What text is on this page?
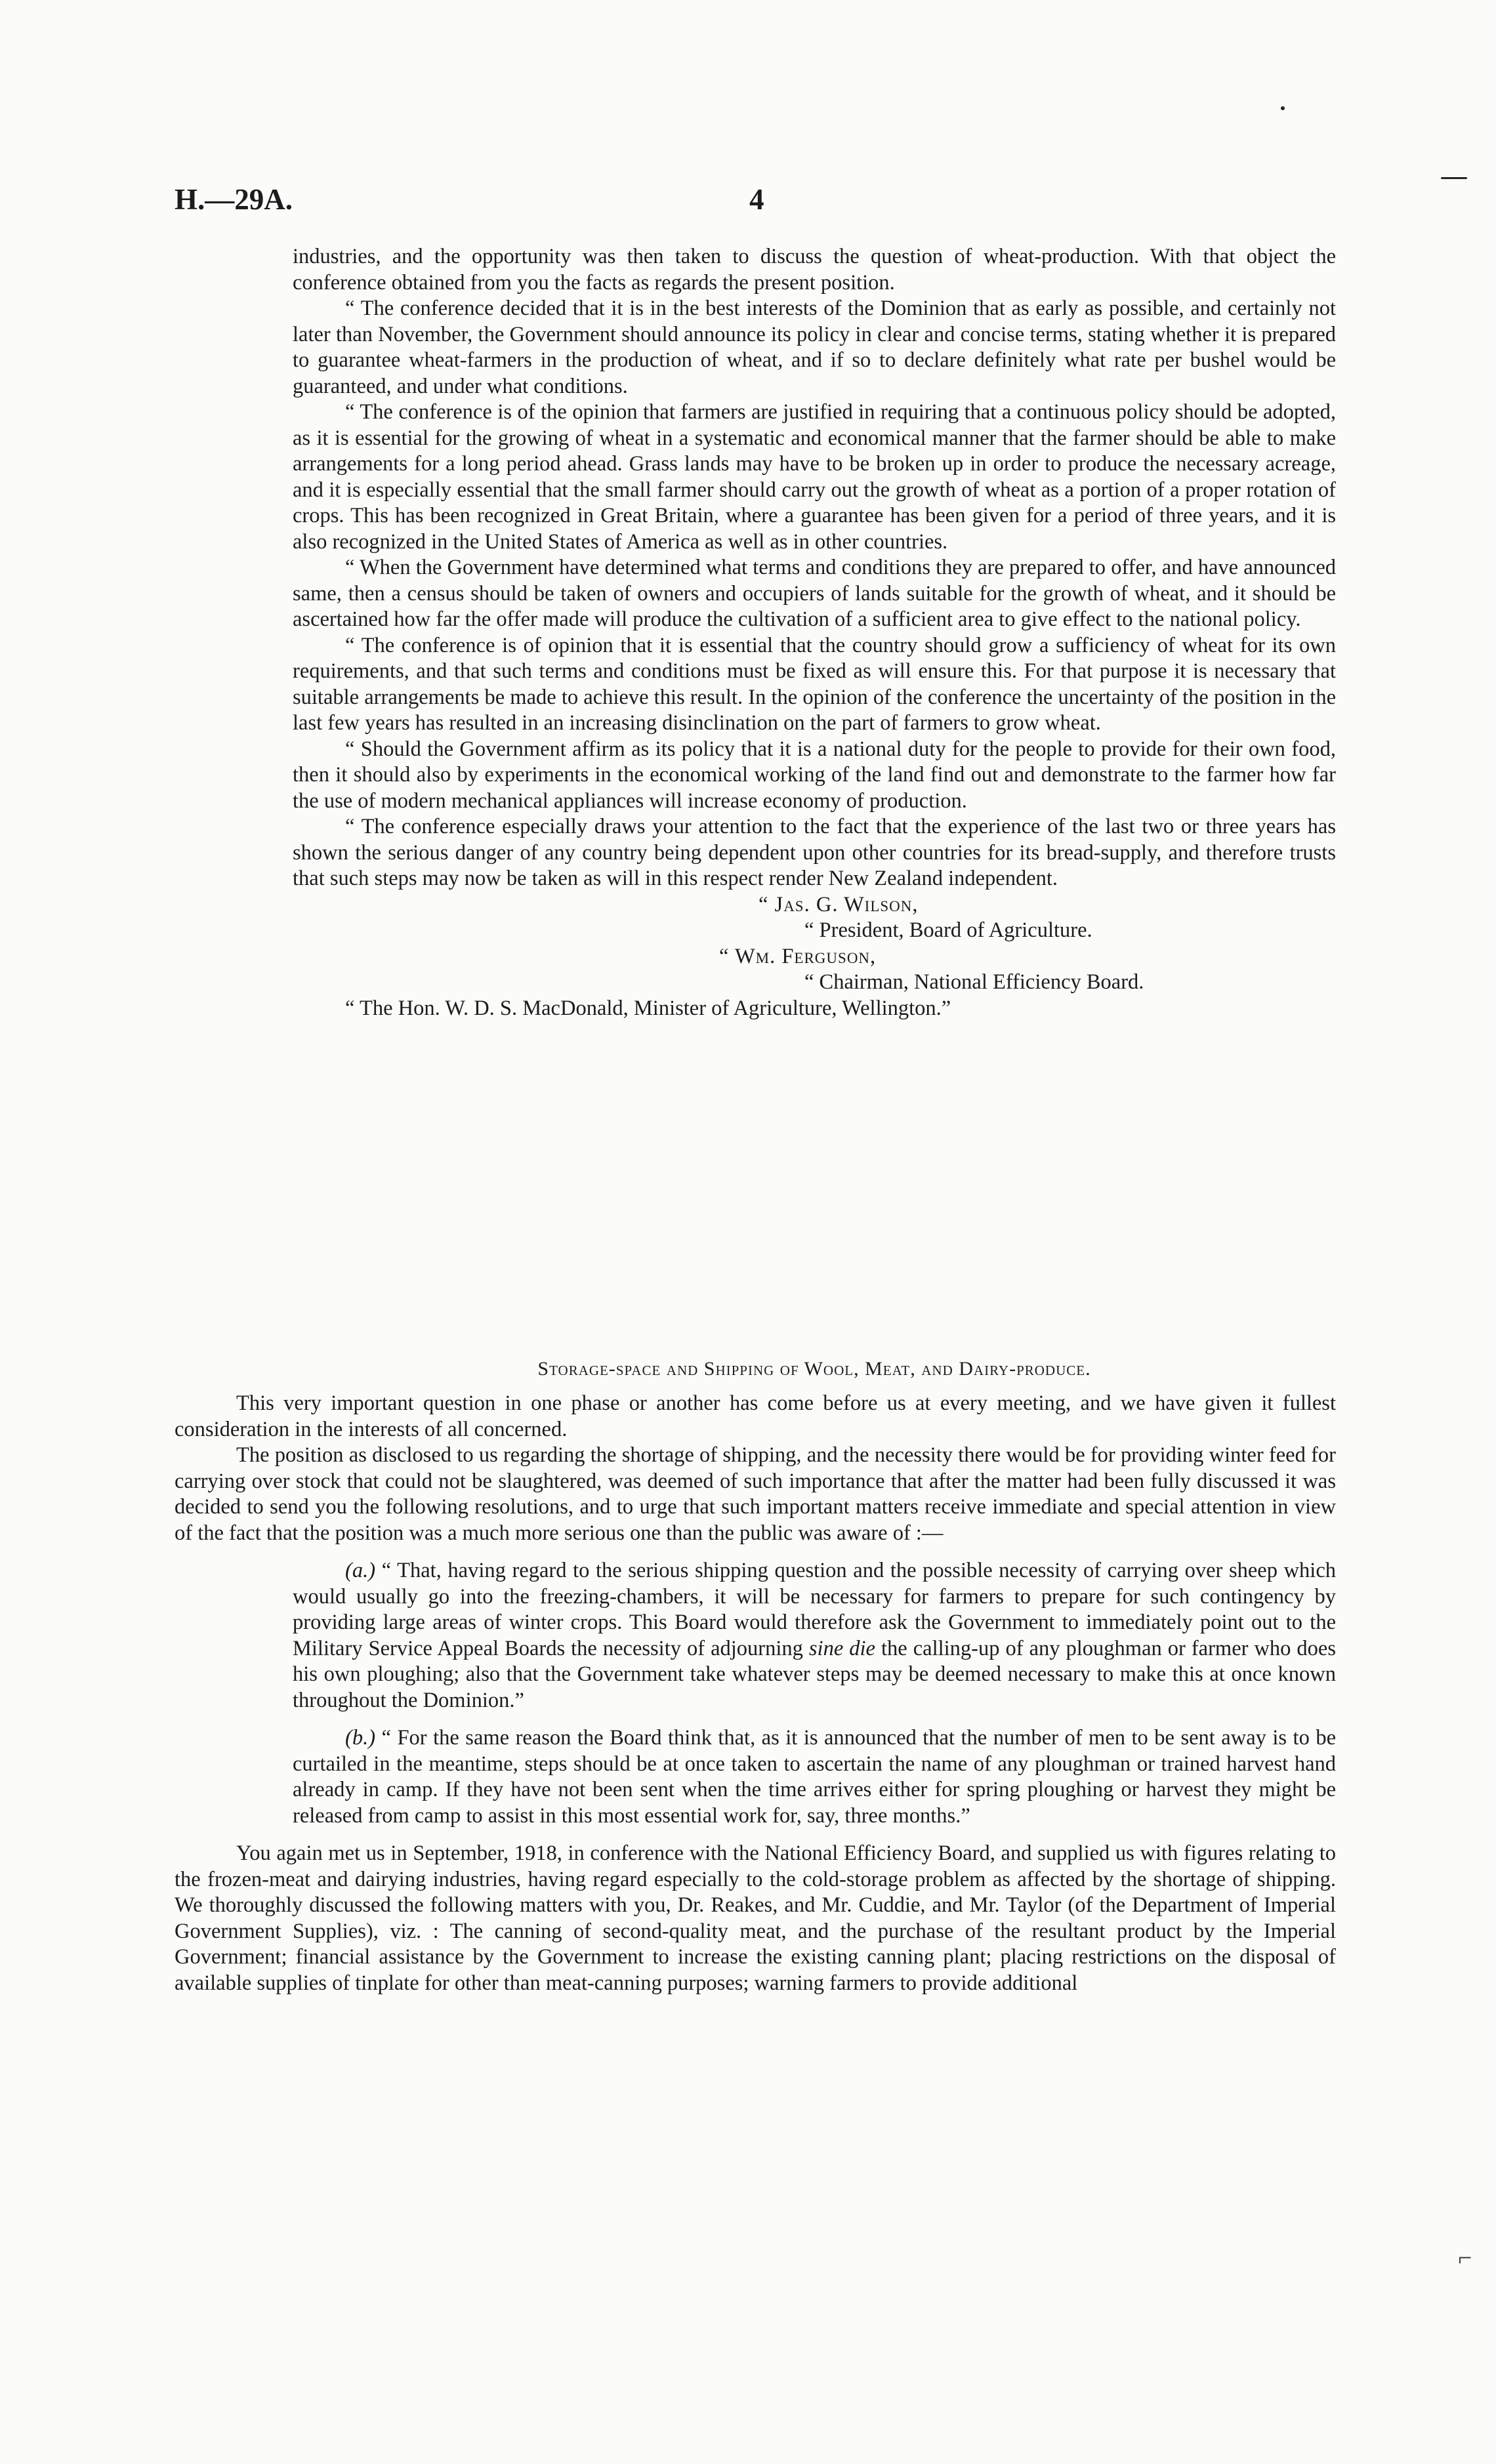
H.—29A.	4

industries, and the opportunity was then taken to discuss the question of wheat-production. With that object the conference obtained from you the facts as regards the present position.

“ The conference decided that it is in the best interests of the Dominion that as early as possible, and certainly not later than November, the Government should announce its policy in clear and concise terms, stating whether it is prepared to guarantee wheat-farmers in the production of wheat, and if so to declare definitely what rate per bushel would be guaranteed, and under what conditions.

“ The conference is of the opinion that farmers are justified in requiring that a continuous policy should be adopted, as it is essential for the growing of wheat in a systematic and economical manner that the farmer should be able to make arrangements for a long period ahead. Grass lands may have to be broken up in order to produce the necessary acreage, and it is especially essential that the small farmer should carry out the growth of wheat as a portion of a proper rotation of crops. This has been recognized in Great Britain, where a guarantee has been given for a period of three years, and it is also recognized in the United States of America as well as in other countries.

“ When the Government have determined what terms and conditions they are prepared to offer, and have announced same, then a census should be taken of owners and occupiers of lands suitable for the growth of wheat, and it should be ascertained how far the offer made will produce the cultivation of a sufficient area to give effect to the national policy.

“ The conference is of opinion that it is essential that the country should grow a sufficiency of wheat for its own requirements, and that such terms and conditions must be fixed as will ensure this. For that purpose it is necessary that suitable arrangements be made to achieve this result. In the opinion of the conference the uncertainty of the position in the last few years has resulted in an increasing disinclination on the part of farmers to grow wheat.

“ Should the Government affirm as its policy that it is a national duty for the people to provide for their own food, then it should also by experiments in the economical working of the land find out and demonstrate to the farmer how far the use of modern mechanical appliances will increase economy of production.

“ The conference especially draws your attention to the fact that the experience of the last two or three years has shown the serious danger of any country being dependent upon other countries for its bread-supply, and therefore trusts that such steps may now be taken as will in this respect render New Zealand independent.

“ Jas. G. Wilson,
“ President, Board of Agriculture.
“ Wm. Ferguson,
“ Chairman, National Efficiency Board.
“ The Hon. W. D. S. MacDonald, Minister of Agriculture, Wellington.”
Storage-space and Shipping of Wool, Meat, and Dairy-produce.

This very important question in one phase or another has come before us at every meeting, and we have given it fullest consideration in the interests of all concerned.

The position as disclosed to us regarding the shortage of shipping, and the necessity there would be for providing winter feed for carrying over stock that could not be slaughtered, was deemed of such importance that after the matter had been fully discussed it was decided to send you the following resolutions, and to urge that such important matters receive immediate and special attention in view of the fact that the position was a much more serious one than the public was aware of :—

(a.) “ That, having regard to the serious shipping question and the possible necessity of carrying over sheep which would usually go into the freezing-chambers, it will be necessary for farmers to prepare for such contingency by providing large areas of winter crops. This Board would therefore ask the Government to immediately point out to the Military Service Appeal Boards the necessity of adjourning sine die the calling-up of any ploughman or farmer who does his own ploughing; also that the Government take whatever steps may be deemed necessary to make this at once known throughout the Dominion.”

(b.) “ For the same reason the Board think that, as it is announced that the number of men to be sent away is to be curtailed in the meantime, steps should be at once taken to ascertain the name of any ploughman or trained harvest hand already in camp. If they have not been sent when the time arrives either for spring ploughing or harvest they might be released from camp to assist in this most essential work for, say, three months.”

You again met us in September, 1918, in conference with the National Efficiency Board, and supplied us with figures relating to the frozen-meat and dairying industries, having regard especially to the cold-storage problem as affected by the shortage of shipping. We thoroughly discussed the following matters with you, Dr. Reakes, and Mr. Cuddie, and Mr. Taylor (of the Department of Imperial Government Supplies), viz. : The canning of second-quality meat, and the purchase of the resultant product by the Imperial Government; financial assistance by the Government to increase the existing canning plant; placing restrictions on the disposal of available supplies of tinplate for other than meat-canning purposes; warning farmers to provide additional

⌐
